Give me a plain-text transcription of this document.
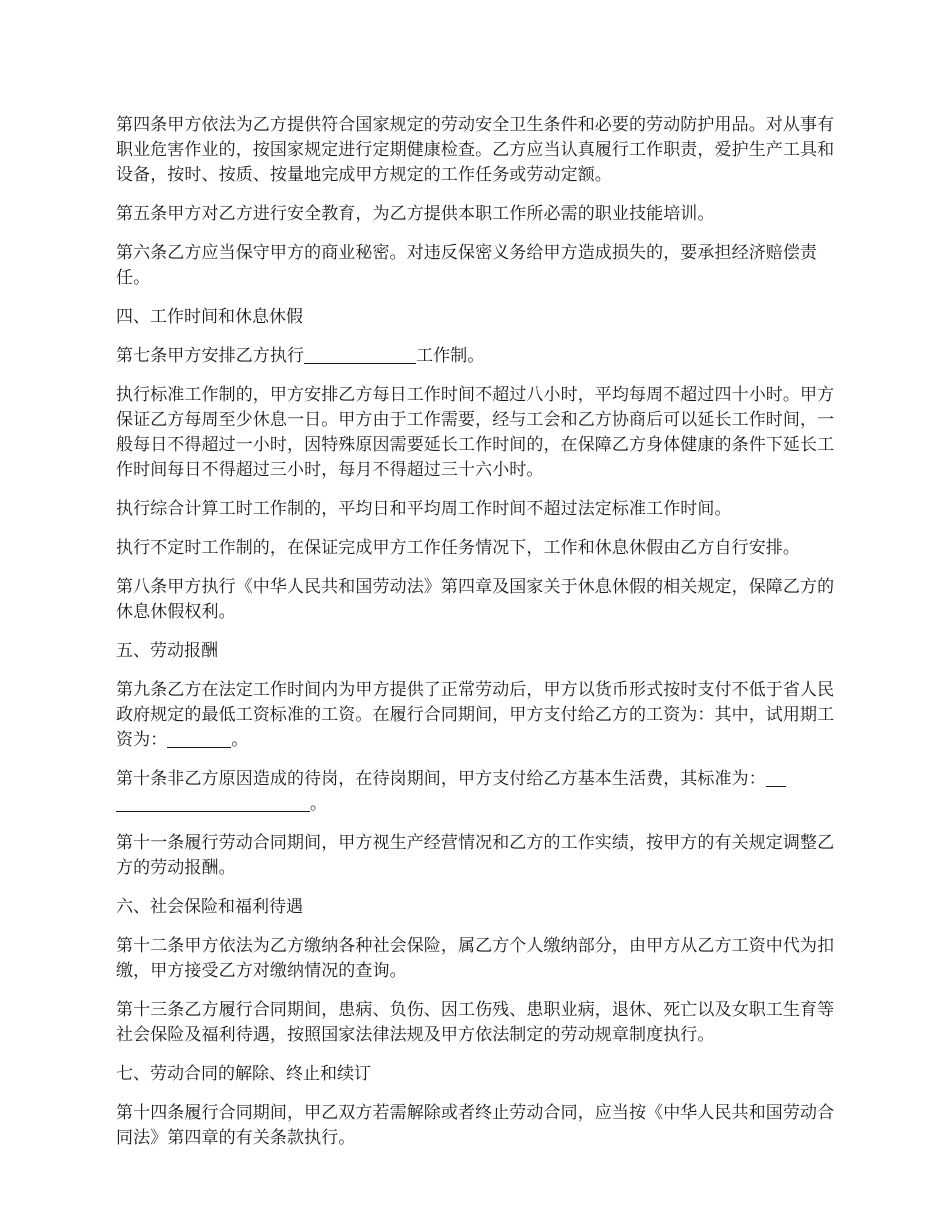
第四条甲方依法为乙方提供符合国家规定的劳动安全卫生条件和必要的劳动防护用品。对从事有职业危害作业的，按国家规定进行定期健康检查。乙方应当认真履行工作职责，爱护生产工具和设备，按时、按质、按量地完成甲方规定的工作任务或劳动定额。

第五条甲方对乙方进行安全教育，为乙方提供本职工作所必需的职业技能培训。

第六条乙方应当保守甲方的商业秘密。对违反保密义务给甲方造成损失的，要承担经济赔偿责任。

四、工作时间和休息休假

第七条甲方安排乙方执行	工作制。

执行标准工作制的，甲方安排乙方每日工作时间不超过八小时，平均每周不超过四十小时。甲方保证乙方每周至少休息一日。甲方由于工作需要，经与工会和乙方协商后可以延长工作时间，一般每日不得超过一小时，因特殊原因需要延长工作时间的，在保障乙方身体健康的条件下延长工作时间每日不得超过三小时，每月不得超过三十六小时。

执行综合计算工时工作制的，平均日和平均周工作时间不超过法定标准工作时间。

执行不定时工作制的，在保证完成甲方工作任务情况下，工作和休息休假由乙方自行安排。

第八条甲方执行《中华人民共和国劳动法》第四章及国家关于休息休假的相关规定，保障乙方的休息休假权利。

五、劳动报酬

第九条乙方在法定工作时间内为甲方提供了正常劳动后，甲方以货币形式按时支付不低于省人民政府规定的最低工资标准的工资。在履行合同期间，甲方支付给乙方的工资为：其中，试用期工资为：	。

第十条非乙方原因造成的待岗，在待岗期间，甲方支付给乙方基本生活费，其标准为：。

第十一条履行劳动合同期间，甲方视生产经营情况和乙方的工作实绩，按甲方的有关规定调整乙方的劳动报酬。

六、社会保险和福利待遇

第十二条甲方依法为乙方缴纳各种社会保险，属乙方个人缴纳部分，由甲方从乙方工资中代为扣缴，甲方接受乙方对缴纳情况的查询。

第十三条乙方履行合同期间，患病、负伤、因工伤残、患职业病，退休、死亡以及女职工生育等社会保险及福利待遇，按照国家法律法规及甲方依法制定的劳动规章制度执行。

七、劳动合同的解除、终止和续订

第十四条履行合同期间，甲乙双方若需解除或者终止劳动合同，应当按《中华人民共和国劳动合同法》第四章的有关条款执行。
